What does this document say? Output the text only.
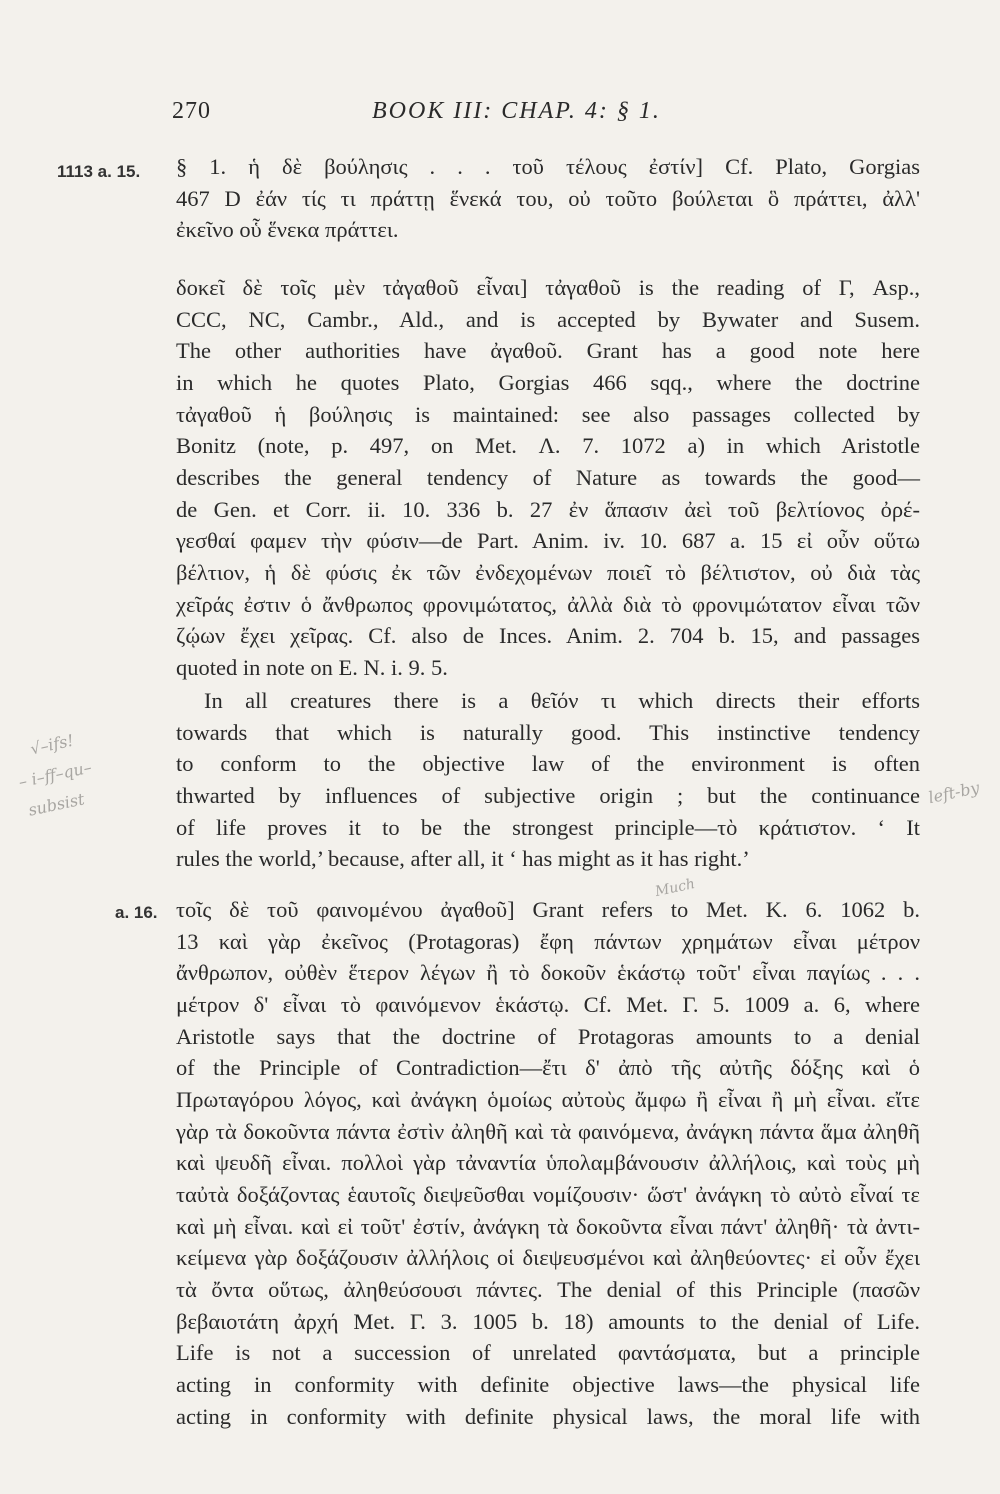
270	BOOK III: CHAP. 4: § 1.
1113 a. 15.
a. 16.
√–ifs!
– i–ff–qu–
subsist	left-by
Much
§ 1. ἡ δὲ βούλησις . . . τοῦ τέλους ἐστίν] Cf. Plato, Gorgias
467 D ἐάν τίς τι πράττῃ ἕνεκά του, οὐ τοῦτο βούλεται ὃ πράττει, ἀλλ'
ἐκεῖνο οὗ ἕνεκα πράττει.
δοκεῖ δὲ τοῖς μὲν τἀγαθοῦ εἶναι] τἀγαθοῦ is the reading of Γ, Asp.,
CCC, NC, Cambr., Ald., and is accepted by Bywater and Susem.
The other authorities have ἀγαθοῦ. Grant has a good note here
in which he quotes Plato, Gorgias 466 sqq., where the doctrine
τἀγαθοῦ ἡ βούλησις is maintained: see also passages collected by
Bonitz (note, p. 497, on Met. Λ. 7. 1072 a) in which Aristotle
describes the general tendency of Nature as towards the good—
de Gen. et Corr. ii. 10. 336 b. 27 ἐν ἅπασιν ἀεὶ τοῦ βελτίονος ὀρέ-
γεσθαί φαμεν τὴν φύσιν—de Part. Anim. iv. 10. 687 a. 15 εἰ οὖν οὕτω
βέλτιον, ἡ δὲ φύσις ἐκ τῶν ἐνδεχομένων ποιεῖ τὸ βέλτιστον, οὐ διὰ τὰς
χεῖράς ἐστιν ὁ ἄνθρωπος φρονιμώτατος, ἀλλὰ διὰ τὸ φρονιμώτατον εἶναι τῶν
ζῴων ἔχει χεῖρας. Cf. also de Inces. Anim. 2. 704 b. 15, and passages
quoted in note on E. N. i. 9. 5.
In all creatures there is a θεῖόν τι which directs their efforts
towards that which is naturally good. This instinctive tendency
to conform to the objective law of the environment is often
thwarted by influences of subjective origin ; but the continuance
of life proves it to be the strongest principle—τὸ κράτιστον. ‘ It
rules the world,’ because, after all, it ‘ has might as it has right.’
τοῖς δὲ τοῦ φαινομένου ἀγαθοῦ] Grant refers to Met. Κ. 6. 1062 b.
13 καὶ γὰρ ἐκεῖνος (Protagoras) ἔφη πάντων χρημάτων εἶναι μέτρον
ἄνθρωπον, οὐθὲν ἕτερον λέγων ἢ τὸ δοκοῦν ἑκάστῳ τοῦτ' εἶναι παγίως . . .
μέτρον δ' εἶναι τὸ φαινόμενον ἑκάστῳ. Cf. Met. Γ. 5. 1009 a. 6, where
Aristotle says that the doctrine of Protagoras amounts to a denial
of the Principle of Contradiction—ἔτι δ' ἀπὸ τῆς αὐτῆς δόξης καὶ ὁ
Πρωταγόρου λόγος, καὶ ἀνάγκη ὁμοίως αὐτοὺς ἄμφω ἢ εἶναι ἢ μὴ εἶναι. εἴτε
γὰρ τὰ δοκοῦντα πάντα ἐστὶν ἀληθῆ καὶ τὰ φαινόμενα, ἀνάγκη πάντα ἅμα ἀληθῆ
καὶ ψευδῆ εἶναι. πολλοὶ γὰρ τἀναντία ὑπολαμβάνουσιν ἀλλήλοις, καὶ τοὺς μὴ
ταὐτὰ δοξάζοντας ἑαυτοῖς διεψεῦσθαι νομίζουσιν· ὥστ' ἀνάγκη τὸ αὐτὸ εἶναί τε
καὶ μὴ εἶναι. καὶ εἰ τοῦτ' ἐστίν, ἀνάγκη τὰ δοκοῦντα εἶναι πάντ' ἀληθῆ· τὰ ἀντι-
κείμενα γὰρ δοξάζουσιν ἀλλήλοις οἱ διεψευσμένοι καὶ ἀληθεύοντες· εἰ οὖν ἔχει
τὰ ὄντα οὕτως, ἀληθεύσουσι πάντες. The denial of this Principle (πασῶν
βεβαιοτάτη ἀρχή Met. Γ. 3. 1005 b. 18) amounts to the denial of Life.
Life is not a succession of unrelated φαντάσματα, but a principle
acting in conformity with definite objective laws—the physical life
acting in conformity with definite physical laws, the moral life with
